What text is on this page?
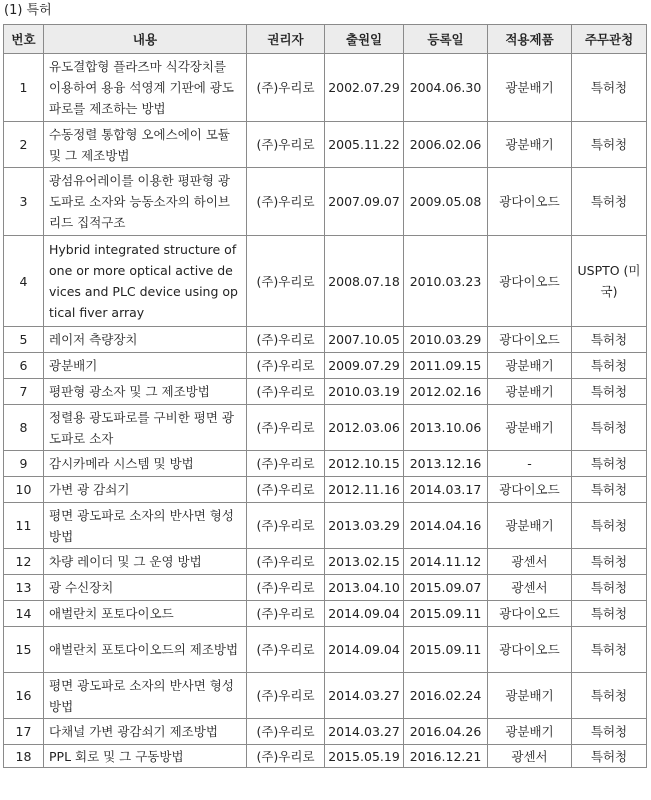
(1) 특허
번호	내용	권리자	출원일	등록일	적용제품	주무관청
1	유도결합형 플라즈마 식각장치를 이용하여 용융 석영계 기판에 광도파로를 제조하는 방법	(주)우리로	2002.07.29	2004.06.30	광분배기	특허청
2	수동정렬 통합형 오에스에이 모듈 및 그 제조방법	(주)우리로	2005.11.22	2006.02.06	광분배기	특허청
3	광섬유어레이를 이용한 평판형 광도파로 소자와 능동소자의 하이브리드 집적구조	(주)우리로	2007.09.07	2009.05.08	광다이오드	특허청
4	Hybrid integrated structure of one or more optical active devices and PLC device using optical fiver array	(주)우리로	2008.07.18	2010.03.23	광다이오드	USPTO (미국)
5	레이저 측량장치	(주)우리로	2007.10.05	2010.03.29	광다이오드	특허청
6	광분배기	(주)우리로	2009.07.29	2011.09.15	광분배기	특허청
7	평판형 광소자 및 그 제조방법	(주)우리로	2010.03.19	2012.02.16	광분배기	특허청
8	정렬용 광도파로를 구비한 평면 광도파로 소자	(주)우리로	2012.03.06	2013.10.06	광분배기	특허청
9	감시카메라 시스템 및 방법	(주)우리로	2012.10.15	2013.12.16	-	특허청
10	가변 광 감쇠기	(주)우리로	2012.11.16	2014.03.17	광다이오드	특허청
11	평면 광도파로 소자의 반사면 형성 방법	(주)우리로	2013.03.29	2014.04.16	광분배기	특허청
12	차량 레이더 및 그 운영 방법	(주)우리로	2013.02.15	2014.11.12	광센서	특허청
13	광 수신장치	(주)우리로	2013.04.10	2015.09.07	광센서	특허청
14	애벌란치 포토다이오드	(주)우리로	2014.09.04	2015.09.11	광다이오드	특허청
15	애벌란치 포토다이오드의 제조방법	(주)우리로	2014.09.04	2015.09.11	광다이오드	특허청
16	평면 광도파로 소자의 반사면 형성 방법	(주)우리로	2014.03.27	2016.02.24	광분배기	특허청
17	다채널 가변 광감쇠기 제조방법	(주)우리로	2014.03.27	2016.04.26	광분배기	특허청
18	PPL 회로 및 그 구동방법	(주)우리로	2015.05.19	2016.12.21	광센서	특허청
